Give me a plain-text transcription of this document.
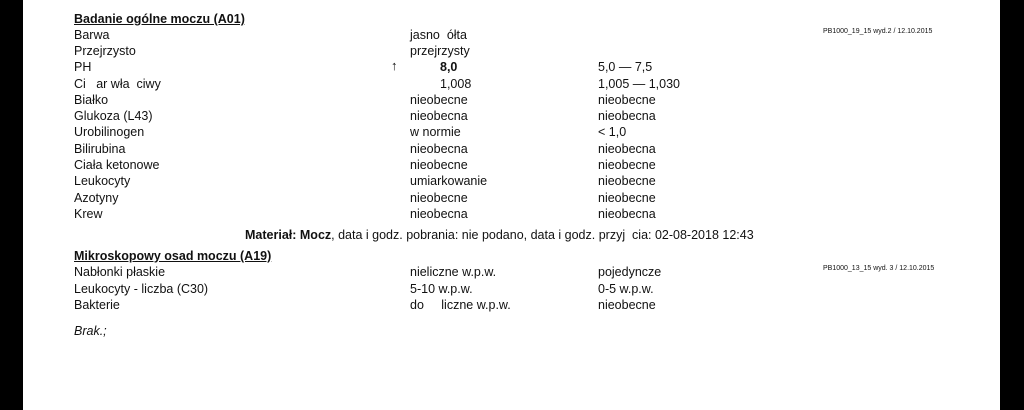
Badanie ogólne moczu (A01)
PB1000_19_15 wyd.2 / 12.10.2015
Barwa	jasno  ółta
Przejrzysto	przejrzysty
PH	↑	8,0	5,0 — 7,5
Ci   ar wła  ciwy	1,008	1,005 — 1,030
Białko	nieobecne	nieobecne
Glukoza (L43)	nieobecna	nieobecna
Urobilinogen	w normie	< 1,0
Bilirubina	nieobecna	nieobecna
Ciała ketonowe	nieobecne	nieobecne
Leukocyty	umiarkowanie	nieobecne
Azotyny	nieobecne	nieobecne
Krew	nieobecna	nieobecna
Materiał: Mocz, data i godz. pobrania: nie podano, data i godz. przyj  cia: 02-08-2018 12:43
Mikroskopowy osad moczu (A19)
PB1000_13_15 wyd. 3 / 12.10.2015
Nabłonki płaskie	nieliczne w.p.w.	pojedyncze
Leukocyty - liczba (C30)	5-10 w.p.w.	0-5 w.p.w.
Bakterie	do     liczne w.p.w.	nieobecne
Brak.;
